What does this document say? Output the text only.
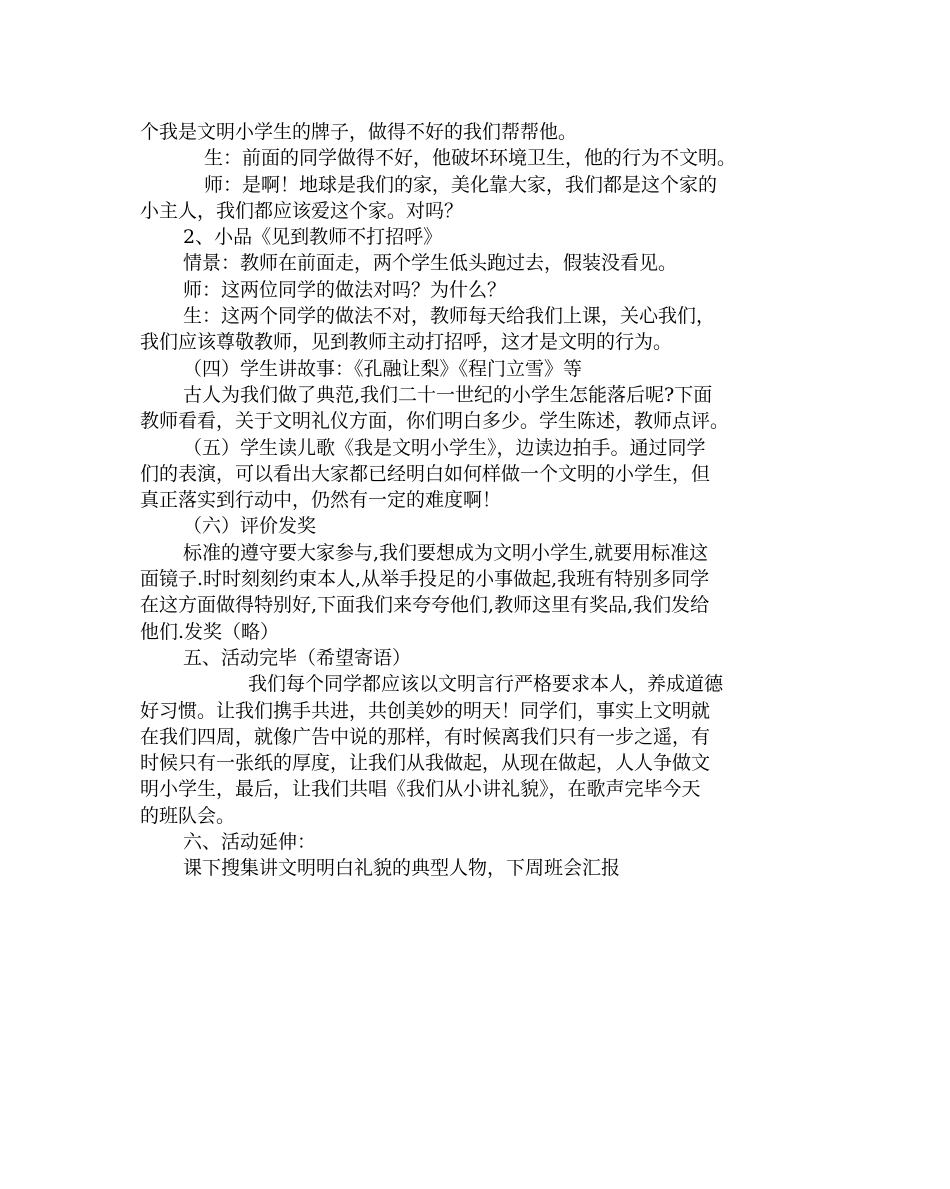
个我是文明小学生的牌子，做得不好的我们帮帮他。
生：前面的同学做得不好，他破坏环境卫生，他的行为不文明。
师：是啊！地球是我们的家，美化靠大家，我们都是这个家的
小主人，我们都应该爱这个家。对吗？
2、小品《见到教师不打招呼》
情景：教师在前面走，两个学生低头跑过去，假装没看见。
师：这两位同学的做法对吗？为什么？
生：这两个同学的做法不对，教师每天给我们上课，关心我们，
我们应该尊敬教师，见到教师主动打招呼，这才是文明的行为。
（四）学生讲故事：《孔融让梨》《程门立雪》等
古人为我们做了典范,我们二十一世纪的小学生怎能落后呢?下面
教师看看，关于文明礼仪方面，你们明白多少。学生陈述，教师点评。
（五）学生读儿歌《我是文明小学生》，边读边拍手。通过同学
们的表演，可以看出大家都已经明白如何样做一个文明的小学生，但
真正落实到行动中，仍然有一定的难度啊！
（六）评价发奖
标准的遵守要大家参与,我们要想成为文明小学生,就要用标准这
面镜子.时时刻刻约束本人,从举手投足的小事做起,我班有特别多同学
在这方面做得特别好,下面我们来夸夸他们,教师这里有奖品,我们发给
他们.发奖（略）
五、活动完毕（希望寄语）
我们每个同学都应该以文明言行严格要求本人，养成道德
好习惯。让我们携手共进，共创美妙的明天！同学们，事实上文明就
在我们四周，就像广告中说的那样，有时候离我们只有一步之遥，有
时候只有一张纸的厚度，让我们从我做起，从现在做起，人人争做文
明小学生，最后，让我们共唱《我们从小讲礼貌》，在歌声完毕今天
的班队会。
六、活动延伸：
课下搜集讲文明明白礼貌的典型人物，下周班会汇报
